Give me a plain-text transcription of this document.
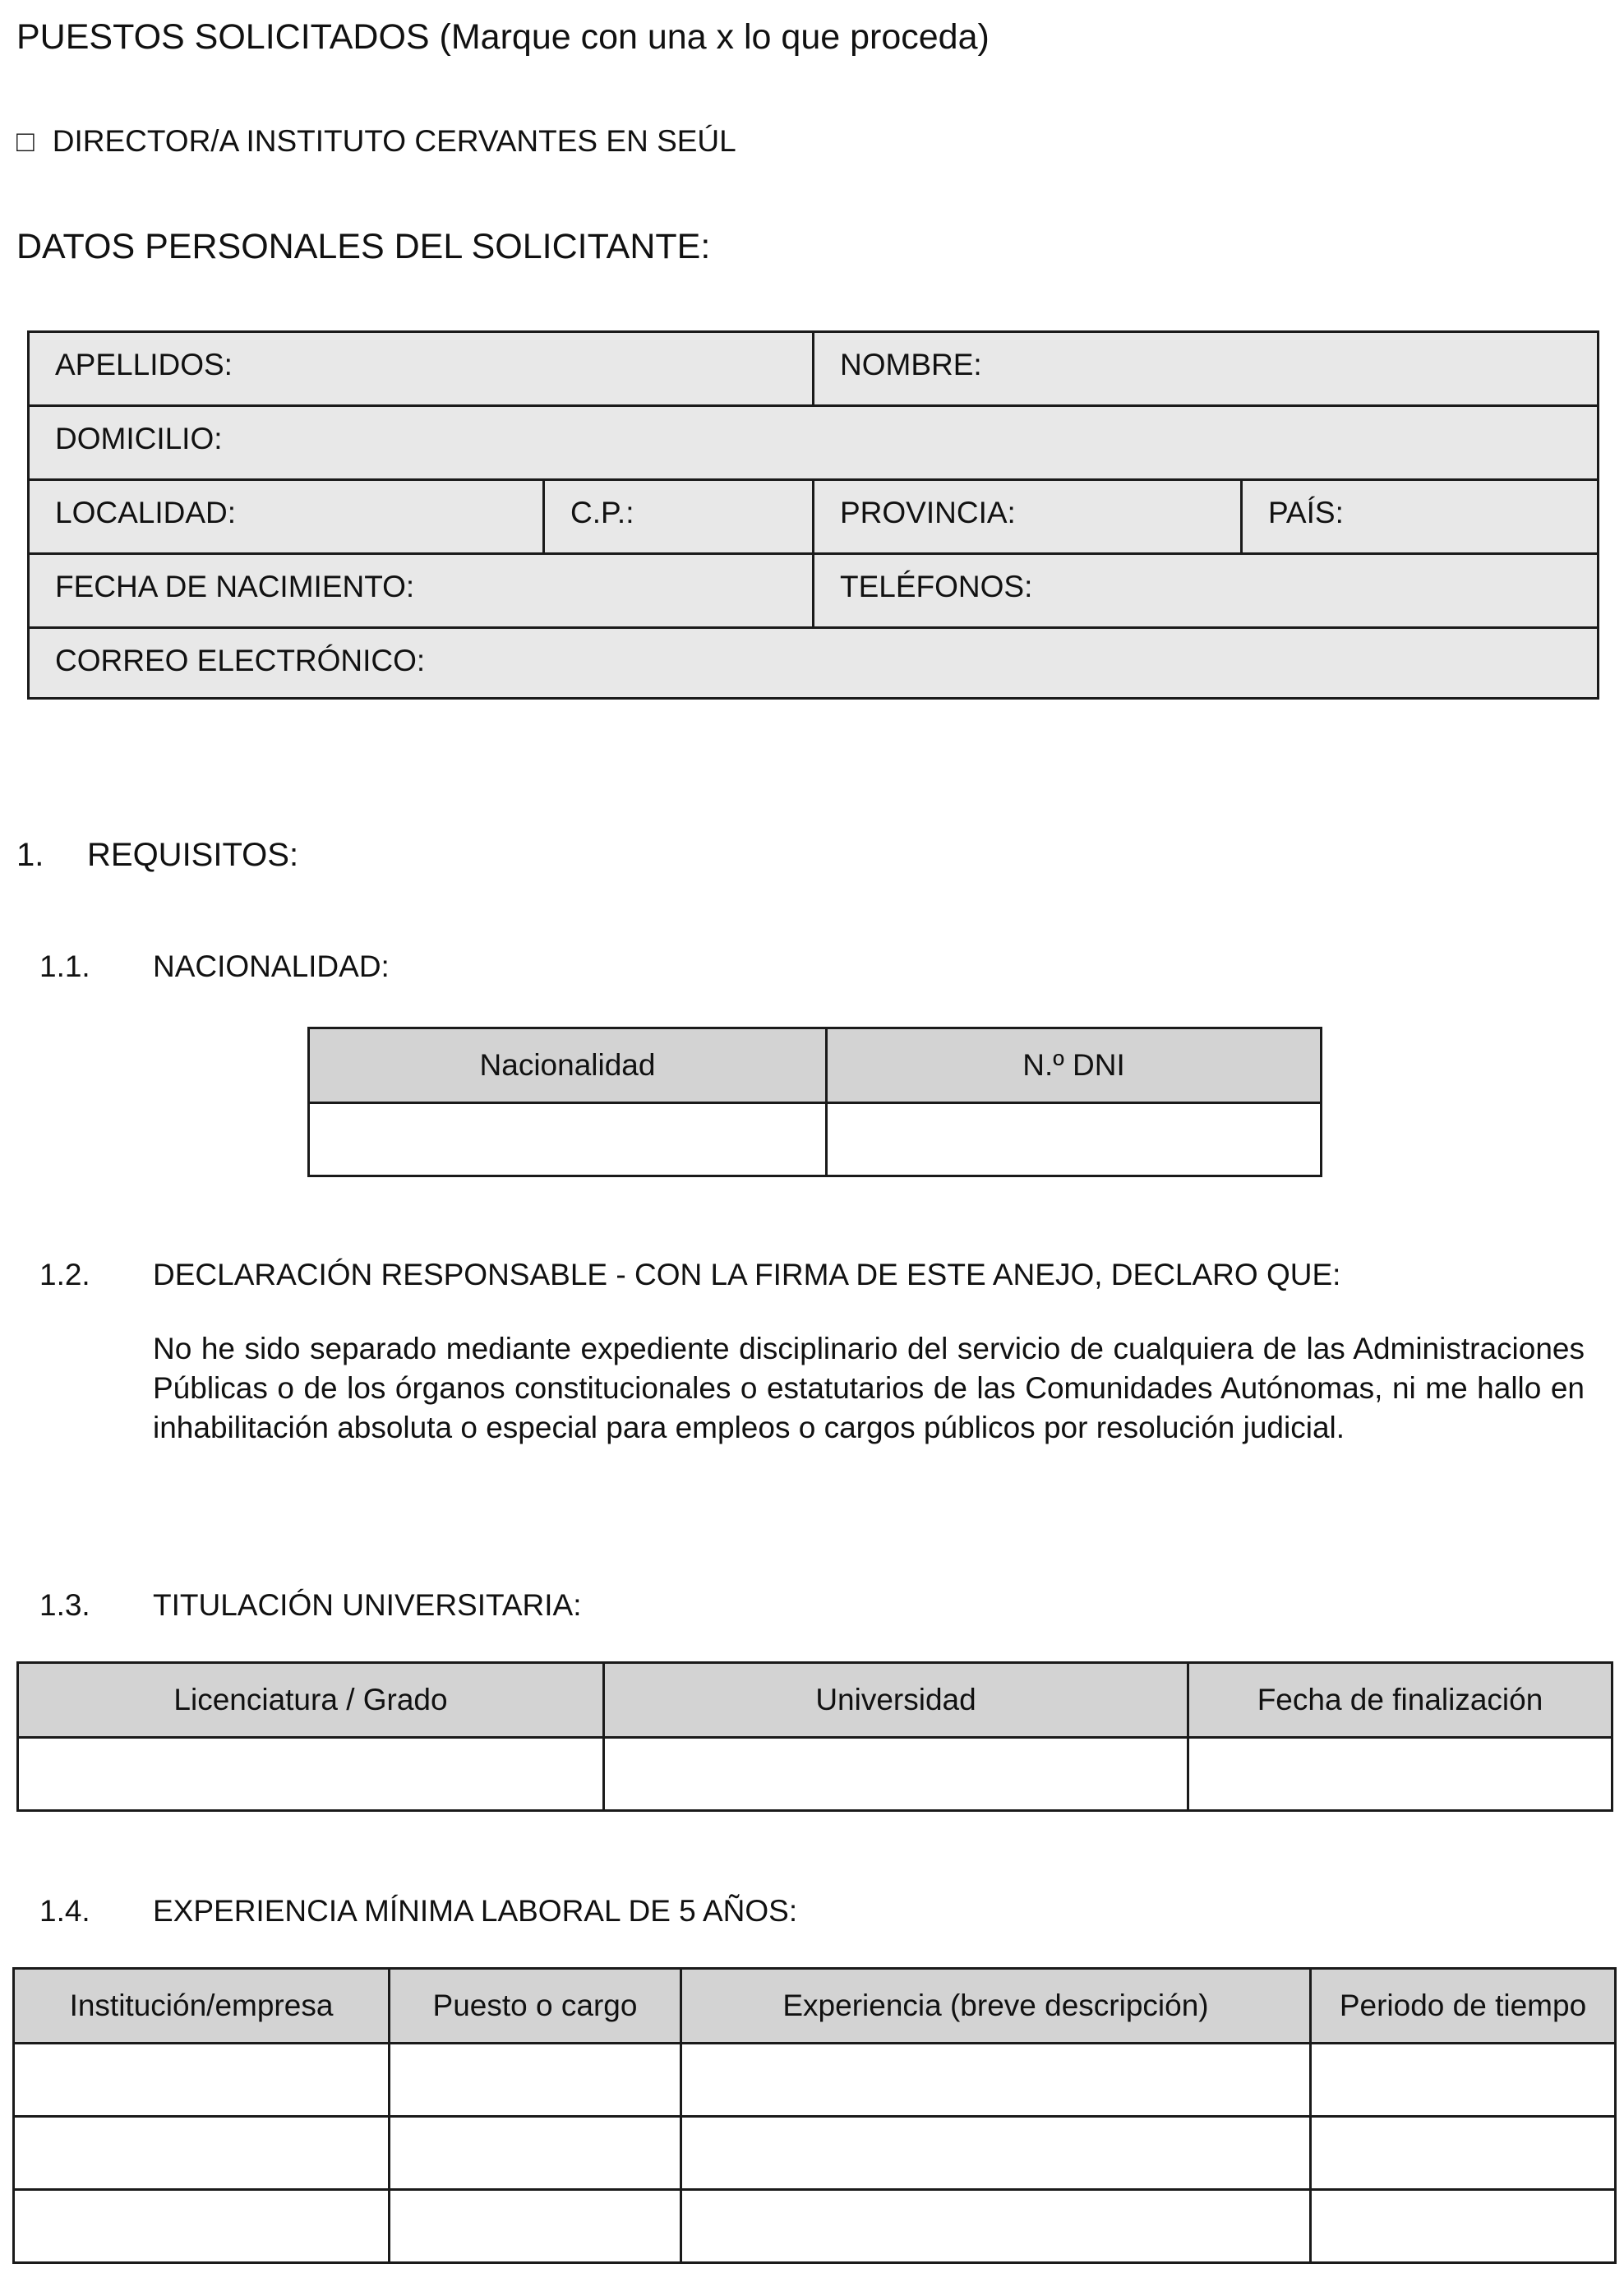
PUESTOS SOLICITADOS (Marque con una x lo que proceda)
□ DIRECTOR/A INSTITUTO CERVANTES EN SEÚL
DATOS PERSONALES DEL SOLICITANTE:
APELLIDOS:		NOMBRE:	
DOMICILIO:			
LOCALIDAD:	C.P.:	PROVINCIA:	PAÍS:
FECHA DE NACIMIENTO:		TELÉFONOS:	
CORREO ELECTRÓNICO:			
1. REQUISITOS:
1.1. NACIONALIDAD:
Nacionalidad	N.º DNI

1.2. DECLARACIÓN RESPONSABLE - CON LA FIRMA DE ESTE ANEJO, DECLARO QUE:
No he sido separado mediante expediente disciplinario del servicio de cualquiera de las Administraciones Públicas o de los órganos constitucionales o estatutarios de las Comunidades Autónomas, ni me hallo en inhabilitación absoluta o especial para empleos o cargos públicos por resolución judicial.
1.3. TITULACIÓN UNIVERSITARIA:
Licenciatura / Grado	Universidad	Fecha de finalización

1.4. EXPERIENCIA MÍNIMA LABORAL DE 5 AÑOS:
Institución/empresa	Puesto o cargo	Experiencia (breve descripción)	Periodo de tiempo
